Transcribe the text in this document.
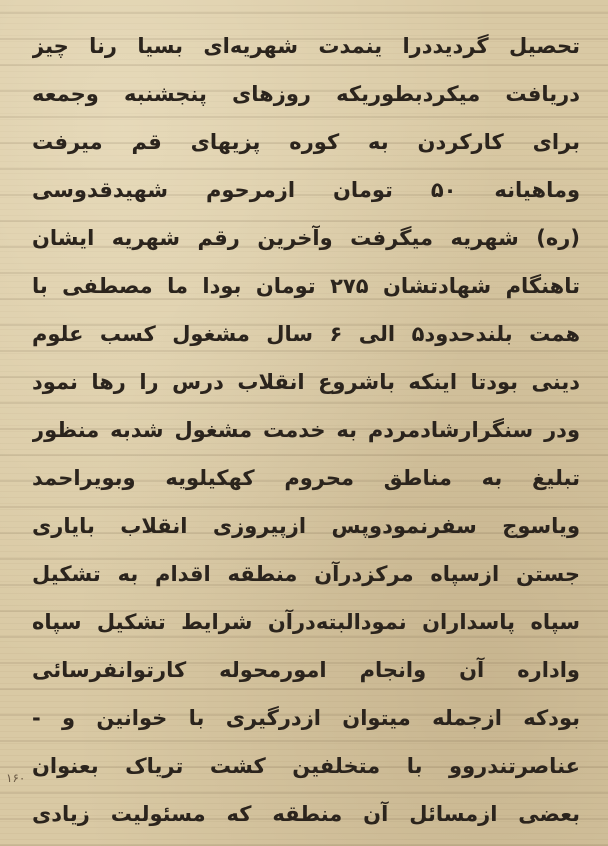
تحصیل گردیددرا ینمدت شهریه‌ای بسیا رنا چیز
دریافت میکردبطوریکه روزهای پنجشنبه وجمعه
برای کارکردن به کوره پزیهای قم میرفت
وماهیانه ۵۰ تومان ازمرحوم شهیدقدوسی
(ره) شهریه میگرفت وآخرین رقم شهریه ایشان
تاهنگام شهادتشان ۲۷۵ تومان بودا ما مصطفی با
همت بلندحدود۵ الی ۶ سال مشغول کسب علوم
دینی بودتا اینکه باشروع انقلاب درس را رها نمود
ودر سنگرارشادمردم به خدمت مشغول شدبه منظور
تبلیغ به مناطق محروم کهکیلویه وبویراحمد
ویاسوج سفرنمودوپس ازپیروزی انقلاب بایاری
جستن ازسپاه مرکزدرآن منطقه اقدام به تشکیل
سپاه پاسداران نمودالبته‌درآن شرایط تشکیل سپاه
واداره آن وانجام امورمحوله کارتوانفرسائی
بودکه ازجمله میتوان ازدرگیری با خوانین و -
عناصرتندروو با متخلفین کشت تریاک بعنوان
بعضی ازمسائل آن منطقه که مسئولیت زیادی
۱۶۰
